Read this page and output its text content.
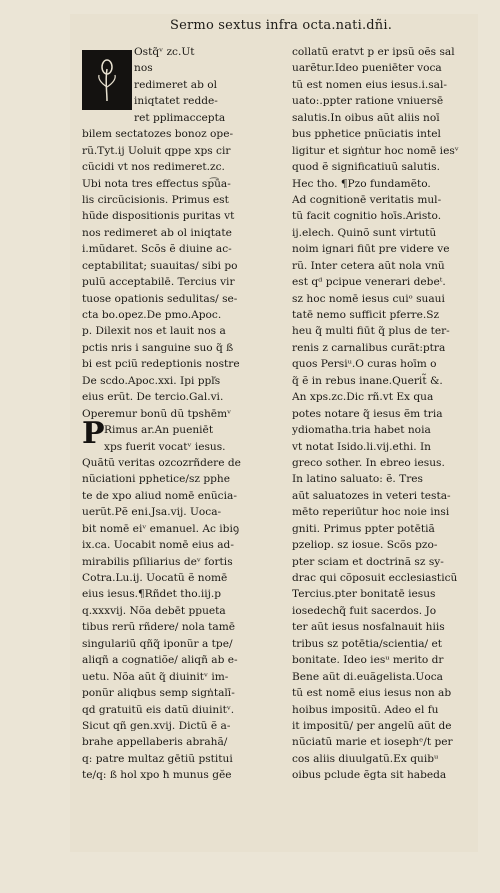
Sermo sextus infra octa.nati.dñi.
P
Ostq̃ᵛ zc.Ut
nos
redimeret ab ol
iniqtatet redde-
ret pplimaccepta
bilem sectatozes bonoz ope-
rũ.Tyt.ij Uoluit qppe xps cir
cũcidi vt nos redimeret.zc.
Ubi nota tres effectus sp͡ūa-
lis circũcisionis. Primus est
hũde dispositionis puritas vt
nos redimeret ab ol iniqtate
i.mũdaret. Scõs ẽ diuine ac-
ceptabilitat; suauitas/ sibi po
pulũ acceptabilē. Tercius vir
tuose opationis sedulitas/ se-
cta bo.opez.De pmo.Apoc.
p. Dilexit nos et lauit nos a
pctis nris i sanguine suo q̃ ß
bi est pciũ redeptionis nostre
De scdo.Apoc.xxi. Ipi ppľs
eius erũt. De tercio.Gal.vi.
Operemur bonũ dũ tpshēmᵛ
Rimus ar.An pueniēt
xps fuerit vocatᵛ iesus.
Quãtũ veritas ozcozrñdere de
nũciationi pphetice/sz pphe
te de xpo aliud nomē enũcia-
uerũt.Pẽ eni.Jsa.vij. Uoca-
bit nomē eiᵛ emanuel. Ac ibiꝯ
ix.ca. Uocabit nomē eius ad-
mirabilis pſiliarius deᵛ fortis
Cotra.Lu.ij. Uocatũ ẽ nomē
eius iesus.¶Rñdet tho.iij.p
q.xxxvij. Nõa debēt ppueta
tibus rerũ rñdere/ nola tamē
singulariũ qñq̃ iponũr a tpe/
aliqñ a cognatiõe/ aliqñ ab e-
uetu. Nõa aũt q̃ diuinitᵛ im-
ponũr aliqbus semp sigṅtalī-
qd gratuitũ eis datũ diuinitᵛ.
Sicut qñ gen.xvij. Dictũ ẽ a-
brahe appellaberis abrahã/
q: patre multaz gētiũ pstitui
te/q: ß hol xpo ħ munus gĕe
collatũ eratvt p er ipsũ oẽs sal
uarẽtur.Ideo pueniēter voca
tũ est nomen eius iesus.i.sal-
uato:.ppter ratione vniuersē
salutis.In oibus aũt aliis noī
bus pphetice pnũciatis intel
ligitur et sigṅtur hoc nomē iesᵛ
quod ẽ significatiuũ salutis.
Hec tho. ¶Pzo fundamẽto.
Ad cognitionē veritatis mul-
tũ facit cognitio hoīs.Aristo.
ij.elech. Quinõ sunt virtutũ
noim ignari fiūt pre videre ve
rũ. Inter cetera aũt nola vnũ
est qᵈ pcipue venerari debeᵗ.
sz hoc nomē iesus cuiᵒ suaui
tatē nemo sufficit pferre.Sz
heu q̃ multi fiūt q̃ plus de ter-
renis z carnalibus curãt:ptra
quos Persiᵘ.O curas hoīm o
q̃ ẽ in rebus inane.Querit̃ &.
An xps.zc.Dic rñ.vt Ex qua
potes notare q̃ iesus ẽm tria
ydiomatha.tria habet noia
vt notat Isido.li.vij.ethi. In
greco sother. In ebreo iesus.
In latino saluato: ẽ. Tres
aũt saluatozes in veteri testa-
mēto reperiūtur hoc noie insi
gniti. Primus ppter potētiã
pzeliop. sz iosue. Scõs pzo-
pter sciam et doctrinã sz sy-
drac qui cõposuit ecclesiasticũ
Tercius.pter bonitatē iesus
iosedechq̃ fuit sacerdos. Jo
ter aũt iesus nosfalnauit hiis
tribus sz potētia/scientia/ et
bonitate. Ideo iesᵘ merito dr
Bene aũt di.euãgelista.Uoca
tũ est nomē eius iesus non ab
hoibus impositũ. Adeo el fu
it impositũ/ per angelũ aũt de
nũciatũ marie et iosephᵉ/t per
cos aliis diuulgatũ.Ex quibᵘ
oibus pclude ẽgta sit habeda
